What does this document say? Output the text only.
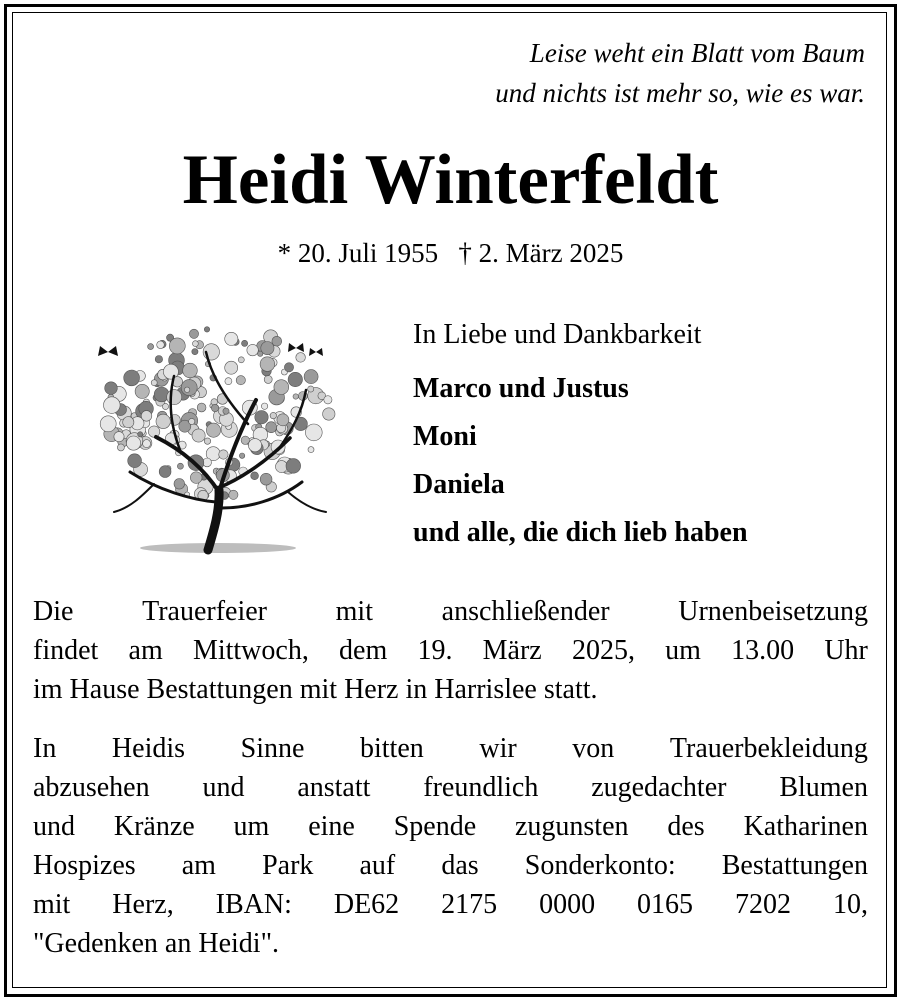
Leise weht ein Blatt vom Baum
und nichts ist mehr so, wie es war.
Heidi Winterfeldt
* 20. Juli 1955   † 2. März 2025
In Liebe und Dankbarkeit
Marco und Justus
Moni
Daniela
und alle, die dich lieb haben
Die Trauerfeier mit anschließender Urnenbeisetzung
findet am Mittwoch, dem 19. März 2025, um 13.00 Uhr
im Hause Bestattungen mit Herz in Harrislee statt.
In Heidis Sinne bitten wir von Trauerbekleidung
abzusehen und anstatt freundlich zugedachter Blumen
und Kränze um eine Spende zugunsten des Katharinen
Hospizes am Park auf das Sonderkonto: Bestattungen
mit Herz, IBAN: DE62 2175 0000 0165 7202 10,
"Gedenken an Heidi".
